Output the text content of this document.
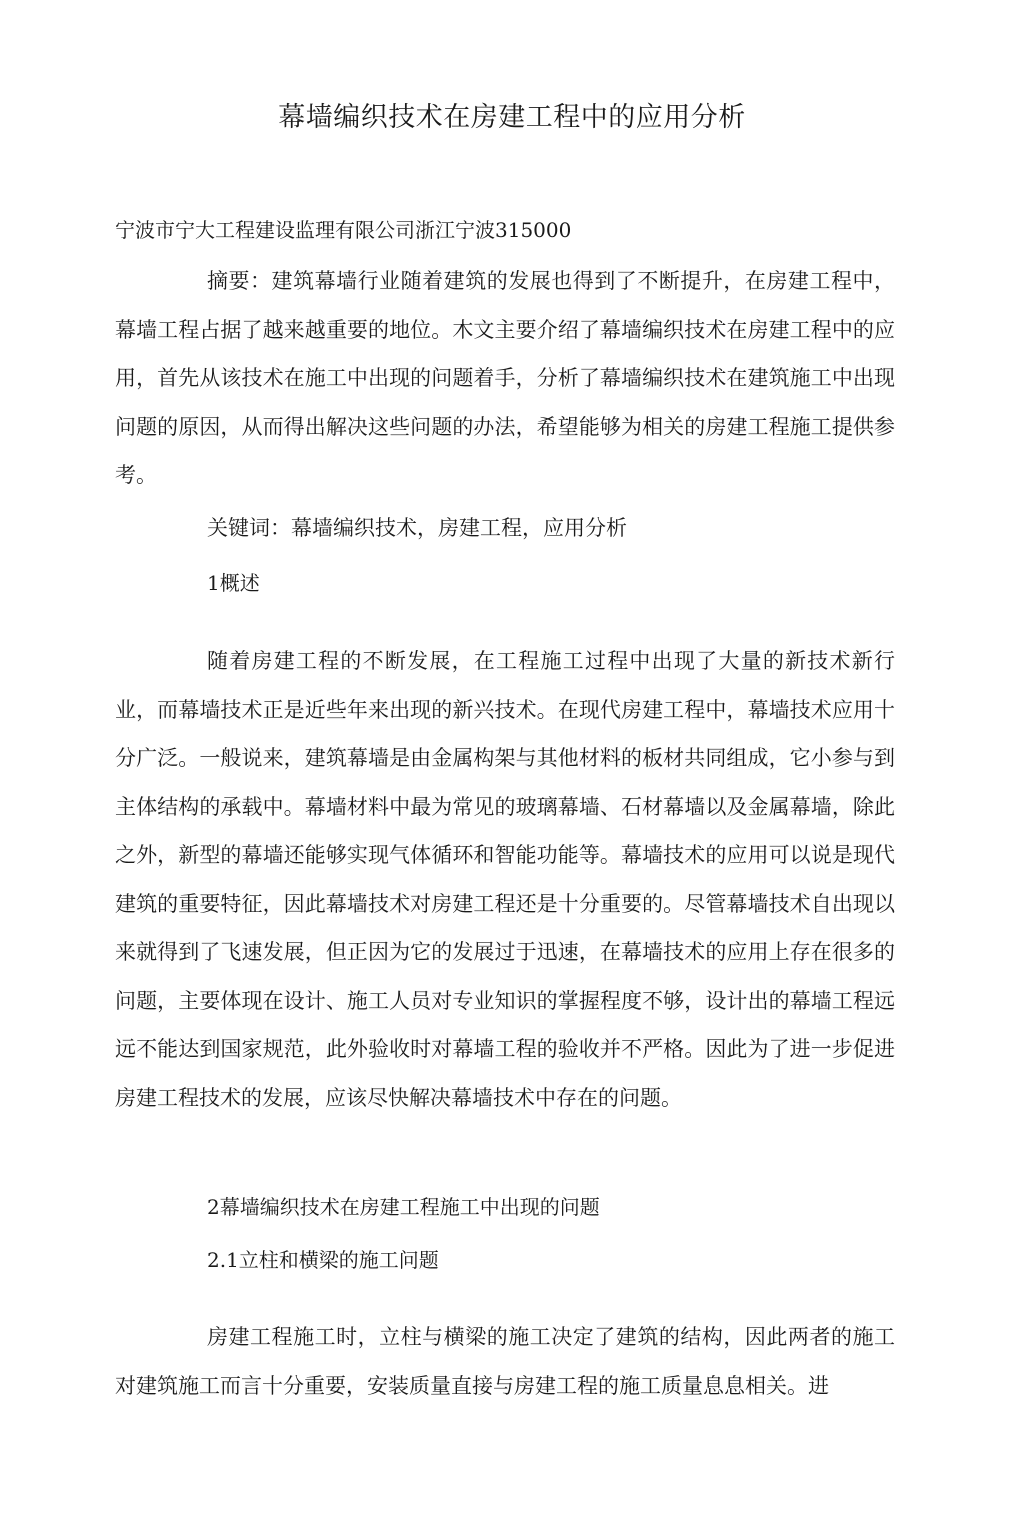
幕墙编织技术在房建工程中的应用分析

宁波市宁大工程建设监理有限公司浙江宁波315000

摘要：建筑幕墙行业随着建筑的发展也得到了不断提升，在房建工程中，幕墙工程占据了越来越重要的地位。木文主要介绍了幕墙编织技术在房建工程中的应用，首先从该技术在施工中出现的问题着手，分析了幕墙编织技术在建筑施工中出现问题的原因，从而得出解决这些问题的办法，希望能够为相关的房建工程施工提供参考。

关键词：幕墙编织技术，房建工程，应用分析

1概述

随着房建工程的不断发展，在工程施工过程中出现了大量的新技术新行业，而幕墙技术正是近些年来出现的新兴技术。在现代房建工程中，幕墙技术应用十分广泛。一般说来，建筑幕墙是由金属构架与其他材料的板材共同组成，它小参与到主体结构的承载中。幕墙材料中最为常见的玻璃幕墙、石材幕墙以及金属幕墙，除此之外，新型的幕墙还能够实现气体循环和智能功能等。幕墙技术的应用可以说是现代建筑的重要特征，因此幕墙技术对房建工程还是十分重要的。尽管幕墙技术自出现以来就得到了飞速发展，但正因为它的发展过于迅速，在幕墙技术的应用上存在很多的问题，主要体现在设计、施工人员对专业知识的掌握程度不够，设计出的幕墙工程远远不能达到国家规范，此外验收时对幕墙工程的验收并不严格。因此为了进一步促进房建工程技术的发展，应该尽快解决幕墙技术中存在的问题。

2幕墙编织技术在房建工程施工中出现的问题

2.1立柱和横梁的施工问题

房建工程施工时，立柱与横梁的施工决定了建筑的结构，因此两者的施工对建筑施工而言十分重要，安装质量直接与房建工程的施工质量息息相关。进
